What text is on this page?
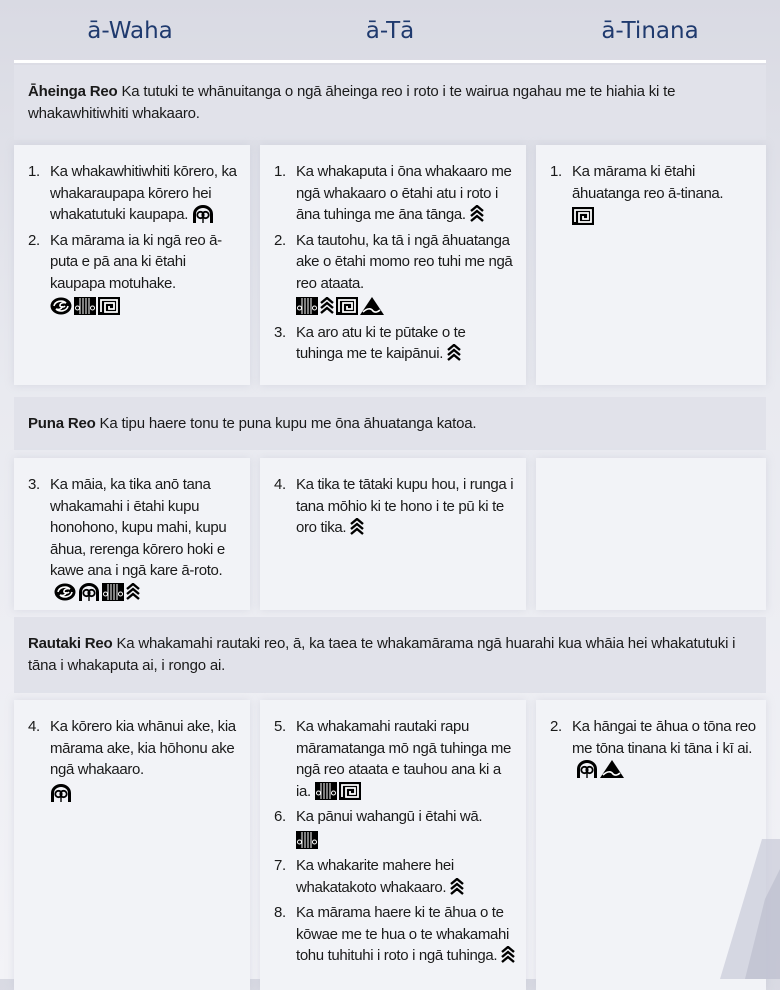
ā-Waha	ā-Tā	ā-Tinana
Āheinga Reo Ka tutuki te whānuitanga o ngā āheinga reo i roto i te wairua ngahau me te hiahia ki te whakawhitiwhiti whakaaro.
1. Ka whakawhitiwhiti kōrero, ka whakaraupapa kōrero hei whakatutuki kaupapa.
2. Ka mārama ia ki ngā reo ā-puta e pā ana ki ētahi kaupapa motuhake.
1. Ka whakaputa i ōna whakaaro me ngā whakaaro o ētahi atu i roto i āna tuhinga me āna tānga.
2. Ka tautohu, ka tā i ngā āhuatanga ake o ētahi momo reo tuhi me ngā reo ataata.
3. Ka aro atu ki te pūtake o te tuhinga me te kaipānui.
1. Ka mārama ki ētahi āhuatanga reo ā-tinana.
Puna Reo Ka tipu haere tonu te puna kupu me ōna āhuatanga katoa.
3. Ka māia, ka tika anō tana whakamahi i ētahi kupu honohono, kupu mahi, kupu āhua, rerenga kōrero hoki e kawe ana i ngā kare ā-roto.
4. Ka tika te tātaki kupu hou, i runga i tana mōhio ki te hono i te pū ki te oro tika.
Rautaki Reo Ka whakamahi rautaki reo, ā, ka taea te whakamārama ngā huarahi kua whāia hei whakatutuki i tāna i whakaputa ai, i rongo ai.
4. Ka kōrero kia whānui ake, kia mārama ake, kia hōhonu ake ngā whakaaro.
5. Ka whakamahi rautaki rapu māramatanga mō ngā tuhinga me ngā reo ataata e tauhou ana ki a ia.
6. Ka pānui wahangū i ētahi wā.
7. Ka whakarite mahere hei whakatakoto whakaaro.
8. Ka mārama haere ki te āhua o te kōwae me te hua o te whakamahi tohu tuhituhi i roto i ngā tuhinga.
2. Ka hāngai te āhua o tōna reo me tōna tinana ki tāna i kī ai.
